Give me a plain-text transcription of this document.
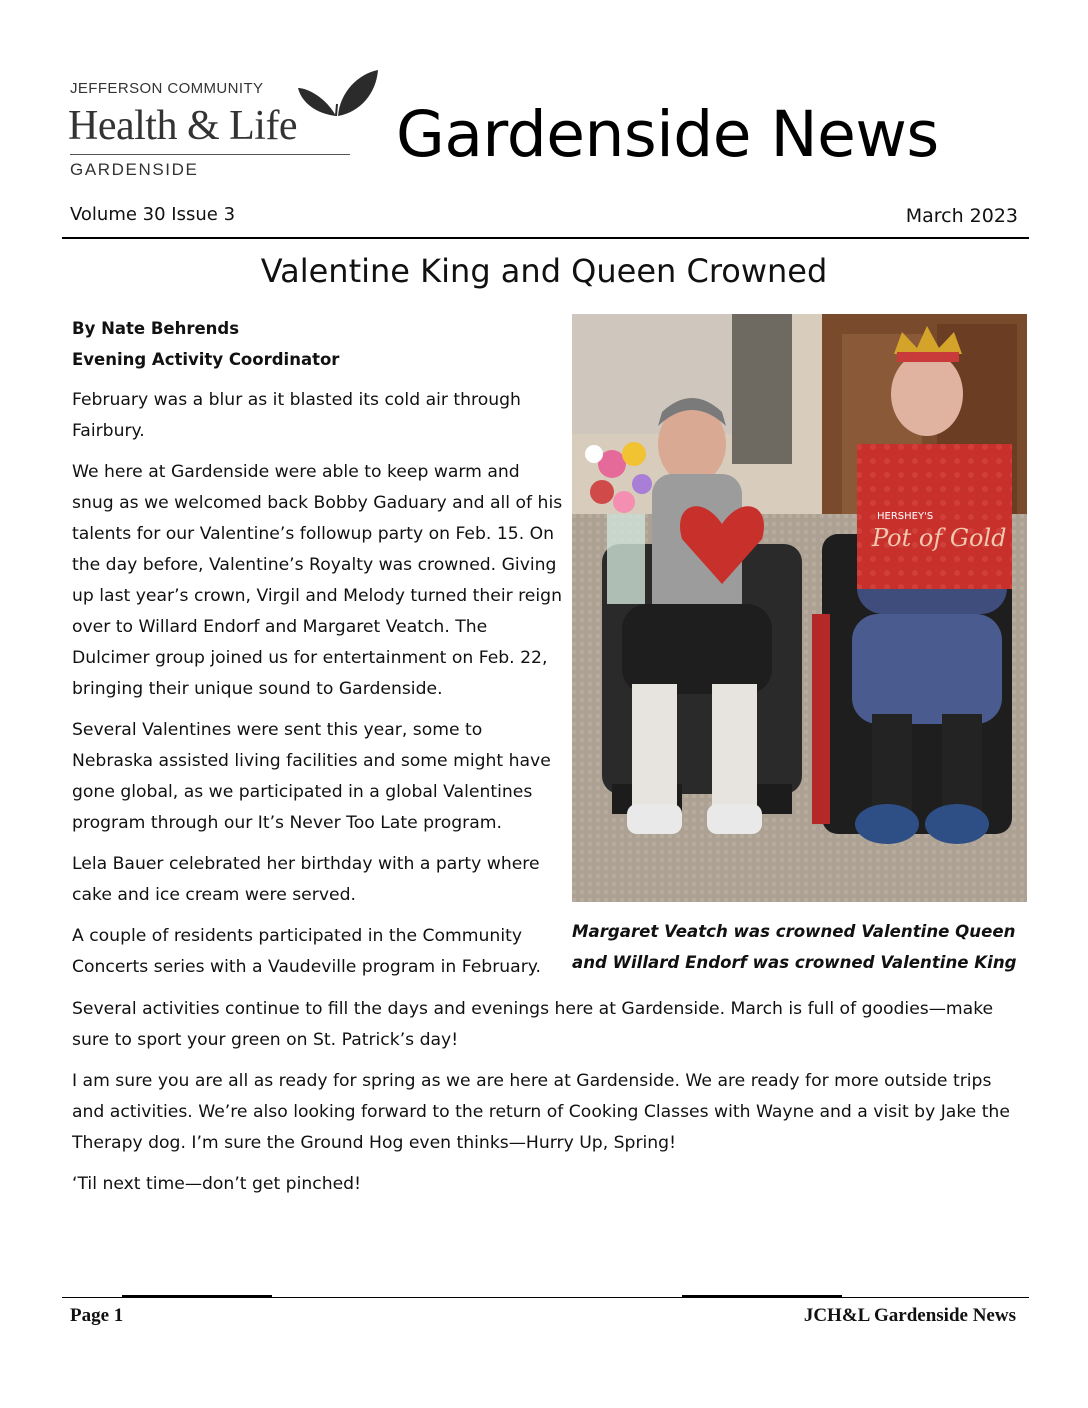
JEFFERSON COMMUNITY
Health & Life
GARDENSIDE	Gardenside News
Volume 30 Issue 3	March 2023
Valentine King and Queen Crowned

By Nate Behrends

Evening Activity Coordinator

February was a blur as it blasted its cold air through Fairbury.

We here at Gardenside were able to keep warm and snug as we welcomed back Bobby Gaduary and all of his talents for our Valentine’s followup party on Feb. 15. On the day before, Valentine’s Royalty was crowned. Giving up last year’s crown, Virgil and Melody turned their reign over to Willard Endorf and Margaret Veatch. The Dulcimer group joined us for entertainment on Feb. 22, bringing their unique sound to Gardenside.

Several Valentines were sent this year, some to Nebraska assisted living facilities and some might have gone global, as we participated in a global Valentines program through our It’s Never Too Late program.

Lela Bauer celebrated her birthday with a party where cake and ice cream were served.

A couple of residents participated in the Community Concerts series with a Vaudeville program in February.

HERSHEY'S
Pot of Gold
Margaret Veatch was crowned Valentine Queen and Willard Endorf was crowned Valentine King

Several activities continue to fill the days and evenings here at Gardenside. March is full of goodies—make sure to sport your green on St. Patrick’s day!

I am sure you are all as ready for spring as we are here at Gardenside. We are ready for more outside trips and activities. We’re also looking forward to the return of Cooking Classes with Wayne and a visit by Jake the Therapy dog. I’m sure the Ground Hog even thinks—Hurry Up, Spring!

‘Til next time—don’t get pinched!

Page 1	JCH&L Gardenside News
